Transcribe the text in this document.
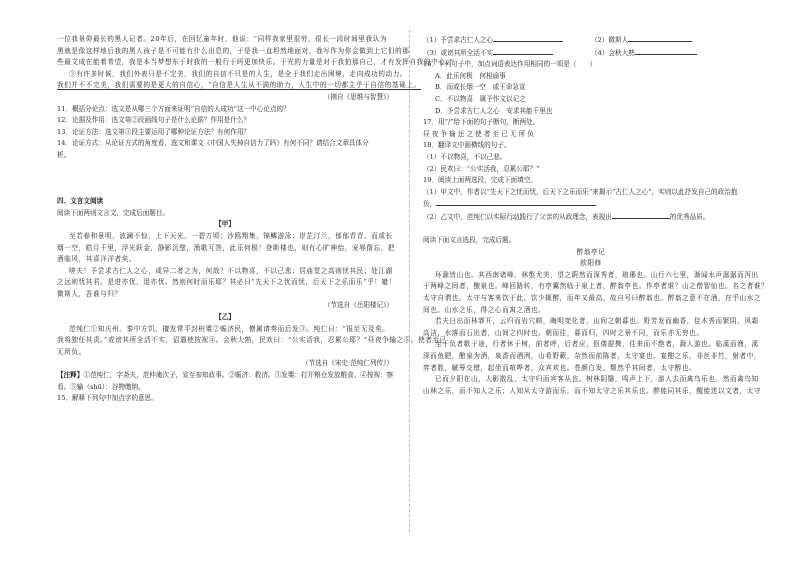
一位我景仰最长的黑人记者。20年后，在回忆童年时，他说：“同样我家里很穷，很长一段时间里我认为
黑就是像这样地后我的黑人孩子是不可能有什么出息的，于是我一直坦然地面对，我写作为你会做到上它们的那
些最文成在能着希望，我是本当梦想东于时我的一般行于吗更加快乐。于光的力量是对于我拍那自己，才有发挥自我的中心。”
③有许多时候，我们外表只是不完美，我们的自信不只是的人生，是全于我们走出困境，走向成功的动力。
我们并不不完美，我们需要的是更大的自信心，“自信是人生从不满的助力，人生中的一切都主乎于自信的基础上。
（摘自《思维与智慧》）
11．概括分论点：选文是从哪三个方面来证明“自信的人成功”这一中心论点的？
12．论据及作用：选文第②段画线句子是什么论据？作用是什么？
13．论证方法：选文第③段主要运用了哪种论证方法？有何作用？
14．论证方式：从论证方式的角度看，选文和课文《中国人失掉自信力了吗》有何不同？请结合文章具体分
析。
四、文言文阅读
阅读下面两则文言文，完成后面题目。
【甲】
至若春和景明，波澜不惊，上下天光，一碧万顷；沙鸥翔集，锦鳞游泳；岸芷汀兰，郁郁青青。而或长
烟一空，皓月千里，浮光跃金，静影沉璧，渔歌互答，此乐何极！登斯楼也，则有心旷神怡，宠辱偕忘，把
酒临风，其喜洋洋者矣。
嗟夫！予尝求古仁人之心，或异二者之为，何哉？不以物喜，不以己悲；居庙堂之高则忧其民；处江湖
之远则忧其君。是进亦忧，退亦忧。然则何时而乐耶？其必曰“先天下之忧而忧，后天下之乐而乐”乎！噫！
微斯人，吾谁与归？
（节选自《岳阳楼记》）
【乙】
范纯仁①知庆州。秦中方饥，擅发常平封桩粟②赈济民，僚属请奏而后发③。纯仁曰：“报至无及矣。
我将独任其责。”或谤其所全活不实，诏遣使按视④。会秋大熟，民欢曰：“公实活我，忍累公耶？”昼夜争输之⑤。使者至已
无所负。
（节选自《宋史·范纯仁列传》）
【注释】①范纯仁，字尧夫，范仲淹次子，宣至参知政事。②赈济：救济。③发粟：打开粮仓发放粮食。④按视：察
看。⑤输（shū）：谷物缴纳。
15．解释下列句中加点字的意思。
（1）予尝求古仁人之心	（2）微斯人
（3）或谤其所全活不实	（4）会秋大熟
16．下列句子中，加点词语表达作用相同的一项是（　　）
A．此乐何极　何相谕事
B．而或长烟一空　或王命急宣
C．不以物喜　属予作文以记之
D．予尝求古仁人之心　安求其能千里也
17．用“/”给下面的句子断句，断两处。
昼 夜 争 输 还 之 使 者 至 已 无 所 负
18．翻译文中画横线的句子。
（1）不以物喜，不以己悲。
（2）民欢曰：“公实活我，忍累公耶？”
19．阅读上面两选段，完成下面填空。
（1）甲文中，作者以“先天下之忧而忧，后天下之乐而乐”来揭示“古仁人之心”，实则以此抒发自己的政治抱
负，
（2）乙文中，范纯仁以实际行动践行了父亲的从政理念，表现出	的优秀品质。
阅读下面文言选段，完成后题。
醉翁亭记
欧阳修
环滁皆山也。其西南诸峰，林壑尤美，望之蔚然而深秀者，琅琊也。山行六七里，渐闻水声潺潺而泻出
于两峰之间者，酿泉也。峰回路转，有亭翼然临于泉上者，醉翁亭也。作亭者谁？山之僧智仙也。名之者谁？
太守自谓也。太守与客来饮于此，饮少辄醉，而年又最高，故自号曰醉翁也。醉翁之意不在酒，在乎山水之
间也。山水之乐，得之心而寓之酒也。
若夫日出而林霏开，云归而岩穴暝，晦明变化者，山间之朝暮也。野芳发而幽香，佳木秀而繁阴，风霜
高洁，水落而石出者，山间之四时也。朝而往，暮而归，四时之景不同，而乐亦无穷也。
至于负者歌于途，行者休于树，前者呼，后者应，伛偻提携，往来而不绝者，滁人游也。临溪而渔，溪
深而鱼肥，酿泉为酒，泉香而酒洌，山肴野蔌，杂然而前陈者，太守宴也。宴酣之乐，非丝非竹，射者中，
弈者胜，觥筹交错，起坐而喧哗者，众宾欢也。苍颜白发，颓然乎其间者，太守醉也。
已而夕阳在山，人影散乱，太守归而宾客从也。树林阴翳，鸣声上下，游人去而禽鸟乐也。然而禽鸟知
山林之乐，而不知人之乐；人知从太守游而乐，而不知太守之乐其乐也。醉能同其乐，醒能述以文者，太守
